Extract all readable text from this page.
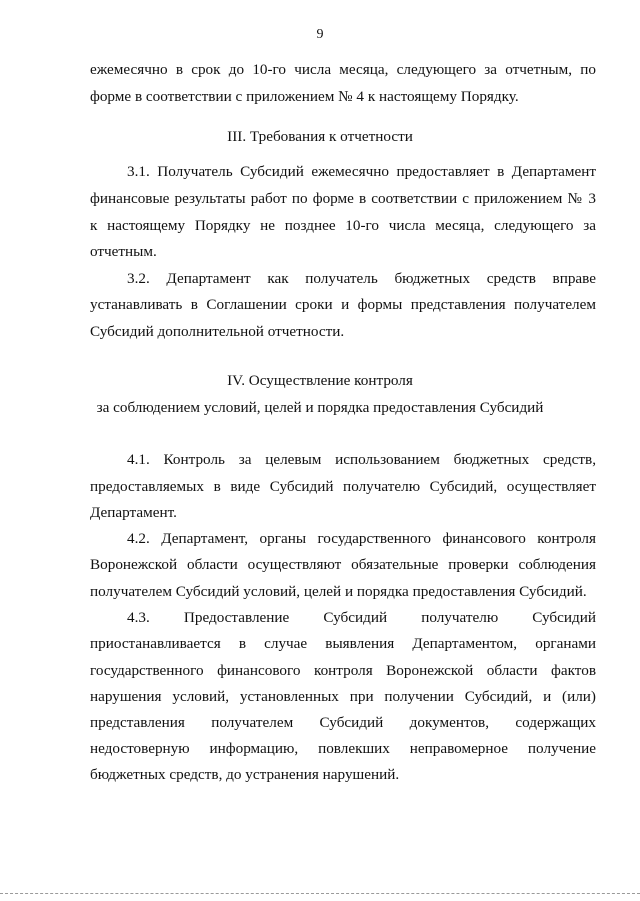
9
ежемесячно в срок до 10-го числа месяца, следующего за отчетным, по
форме в соответствии с приложением № 4 к настоящему Порядку.
III. Требования к отчетности
3.1. Получатель Субсидий ежемесячно предоставляет в Департамент
финансовые результаты работ по форме в соответствии с приложением № 3
к настоящему Порядку не позднее 10-го числа месяца, следующего за
отчетным.
3.2. Департамент как получатель бюджетных средств вправе
устанавливать в Соглашении сроки и формы представления получателем
Субсидий дополнительной отчетности.
IV. Осуществление контроля
за соблюдением условий, целей и порядка предоставления Субсидий
4.1. Контроль за целевым использованием бюджетных средств,
предоставляемых в виде Субсидий получателю Субсидий, осуществляет
Департамент.
4.2. Департамент, органы государственного финансового контроля
Воронежской области осуществляют обязательные проверки соблюдения
получателем Субсидий условий, целей и порядка предоставления Субсидий.
4.3. Предоставление Субсидий получателю Субсидий
приостанавливается в случае выявления Департаментом, органами
государственного финансового контроля Воронежской области фактов
нарушения условий, установленных при получении Субсидий, и (или)
представления получателем Субсидий документов, содержащих
недостоверную информацию, повлекших неправомерное получение
бюджетных средств, до устранения нарушений.
